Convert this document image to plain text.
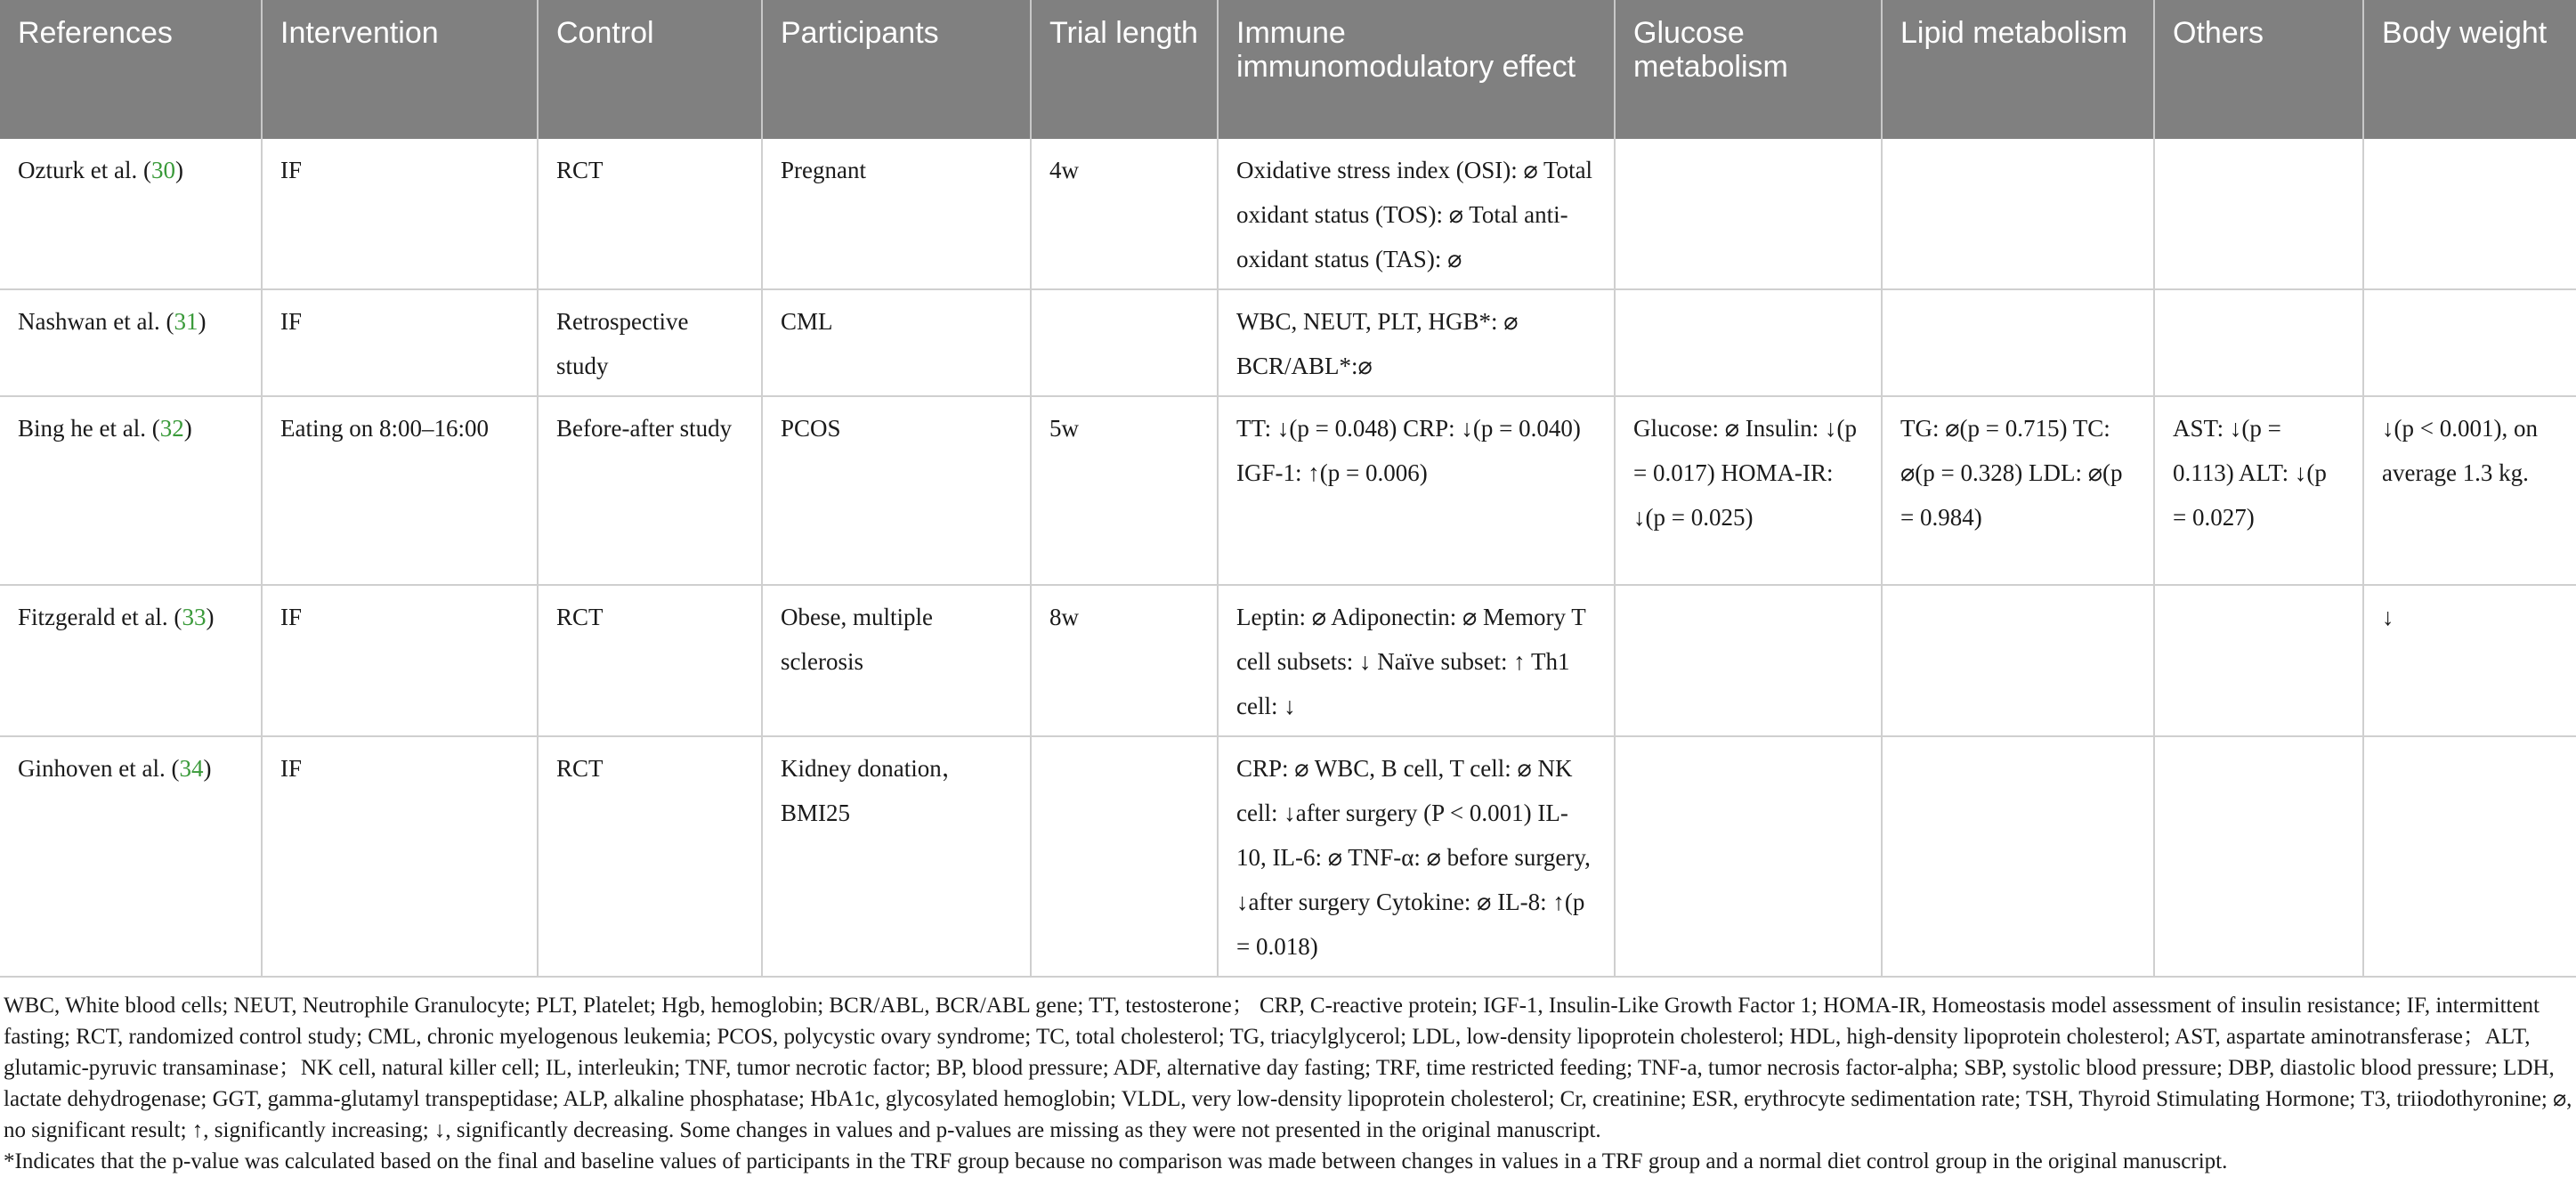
References	Intervention	Control	Participants	Trial length	Immune immunomodulatory effect	Glucose metabolism	Lipid metabolism	Others	Body weight
Ozturk et al. (30)	IF	RCT	Pregnant	4w	Oxidative stress index (OSI): ⌀ Total oxidant status (TOS): ⌀ Total anti-oxidant status (TAS): ⌀				
Nashwan et al. (31)	IF	Retrospective study	CML		WBC, NEUT, PLT, HGB*: ⌀ BCR/ABL*:⌀				
Bing he et al. (32)	Eating on 8:00–16:00	Before-after study	PCOS	5w	TT: ↓(p = 0.048) CRP: ↓(p = 0.040) IGF-1: ↑(p = 0.006)	Glucose: ⌀ Insulin: ↓(p = 0.017) HOMA-IR: ↓(p = 0.025)	TG: ⌀(p = 0.715) TC: ⌀(p = 0.328) LDL: ⌀(p = 0.984)	AST: ↓(p = 0.113) ALT: ↓(p = 0.027)	↓(p < 0.001), on average 1.3 kg.
Fitzgerald et al. (33)	IF	RCT	Obese, multiple sclerosis	8w	Leptin: ⌀ Adiponectin: ⌀ Memory T cell subsets: ↓ Naïve subset: ↑ Th1 cell: ↓				↓
Ginhoven et al. (34)	IF	RCT	Kidney donation，BMI25		CRP: ⌀ WBC, B cell, T cell: ⌀ NK cell: ↓after surgery (P < 0.001) IL-10, IL-6: ⌀ TNF-α: ⌀ before surgery, ↓after surgery Cytokine: ⌀ IL-8: ↑(p = 0.018)				

WBC, White blood cells; NEUT, Neutrophile Granulocyte; PLT, Platelet; Hgb, hemoglobin; BCR/ABL, BCR/ABL gene; TT, testosterone； CRP, C-reactive protein; IGF-1, Insulin-Like Growth Factor 1; HOMA-IR, Homeostasis model assessment of insulin resistance; IF, intermittent fasting; RCT, randomized control study; CML, chronic myelogenous leukemia; PCOS, polycystic ovary syndrome; TC, total cholesterol; TG, triacylglycerol; LDL, low-density lipoprotein cholesterol; HDL, high-density lipoprotein cholesterol; AST, aspartate aminotransferase；ALT, glutamic-pyruvic transaminase；NK cell, natural killer cell; IL, interleukin; TNF, tumor necrotic factor; BP, blood pressure; ADF, alternative day fasting; TRF, time restricted feeding; TNF-a, tumor necrosis factor-alpha; SBP, systolic blood pressure; DBP, diastolic blood pressure; LDH, lactate dehydrogenase; GGT, gamma-glutamyl transpeptidase; ALP, alkaline phosphatase; HbA1c, glycosylated hemoglobin; VLDL, very low-density lipoprotein cholesterol; Cr, creatinine; ESR, erythrocyte sedimentation rate; TSH, Thyroid Stimulating Hormone; T3, triiodothyronine; ⌀, no significant result; ↑, significantly increasing; ↓, significantly decreasing. Some changes in values and p-values are missing as they were not presented in the original manuscript.

*Indicates that the p-value was calculated based on the final and baseline values of participants in the TRF group because no comparison was made between changes in values in a TRF group and a normal diet control group in the original manuscript.
